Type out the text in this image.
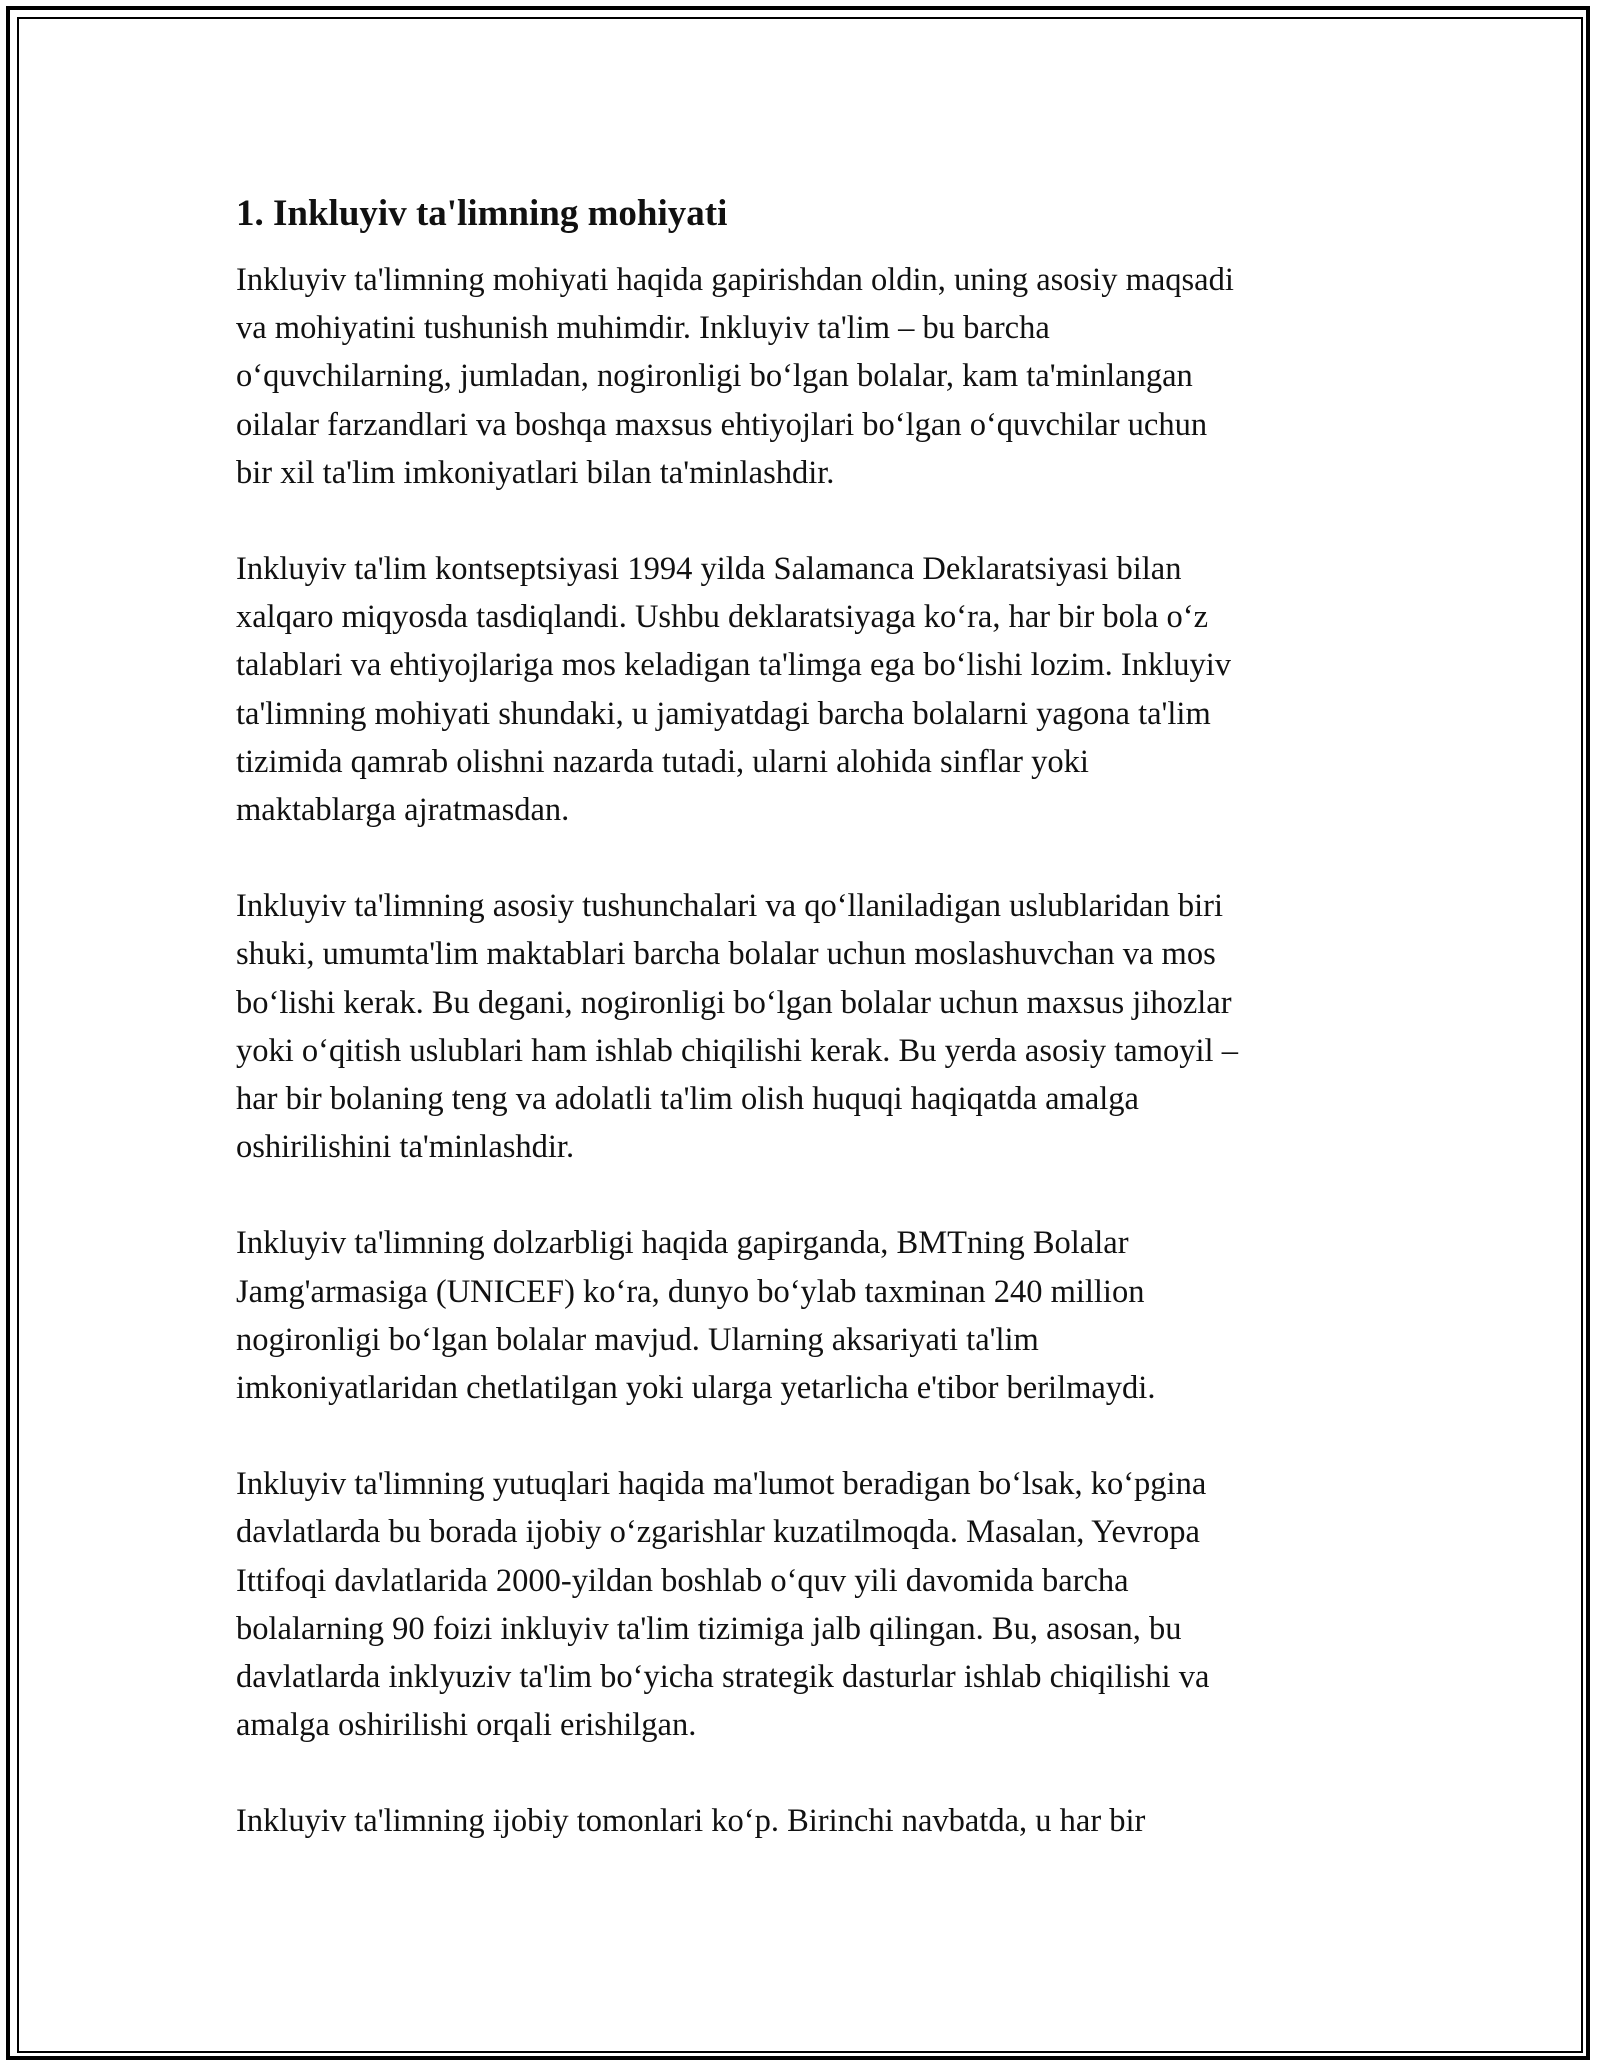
1. Inkluyiv ta'limning mohiyati

Inkluyiv ta'limning mohiyati haqida gapirishdan oldin, uning asosiy maqsadi
va mohiyatini tushunish muhimdir. Inkluyiv ta'lim – bu barcha
o‘quvchilarning, jumladan, nogironligi bo‘lgan bolalar, kam ta'minlangan
oilalar farzandlari va boshqa maxsus ehtiyojlari bo‘lgan o‘quvchilar uchun
bir xil ta'lim imkoniyatlari bilan ta'minlashdir.

Inkluyiv ta'lim kontseptsiyasi 1994 yilda Salamanca Deklaratsiyasi bilan
xalqaro miqyosda tasdiqlandi. Ushbu deklaratsiyaga ko‘ra, har bir bola o‘z
talablari va ehtiyojlariga mos keladigan ta'limga ega bo‘lishi lozim. Inkluyiv
ta'limning mohiyati shundaki, u jamiyatdagi barcha bolalarni yagona ta'lim
tizimida qamrab olishni nazarda tutadi, ularni alohida sinflar yoki
maktablarga ajratmasdan.

Inkluyiv ta'limning asosiy tushunchalari va qo‘llaniladigan uslublaridan biri
shuki, umumta'lim maktablari barcha bolalar uchun moslashuvchan va mos
bo‘lishi kerak. Bu degani, nogironligi bo‘lgan bolalar uchun maxsus jihozlar
yoki o‘qitish uslublari ham ishlab chiqilishi kerak. Bu yerda asosiy tamoyil –
har bir bolaning teng va adolatli ta'lim olish huquqi haqiqatda amalga
oshirilishini ta'minlashdir.

Inkluyiv ta'limning dolzarbligi haqida gapirganda, BMTning Bolalar
Jamg'armasiga (UNICEF) ko‘ra, dunyo bo‘ylab taxminan 240 million
nogironligi bo‘lgan bolalar mavjud. Ularning aksariyati ta'lim
imkoniyatlaridan chetlatilgan yoki ularga yetarlicha e'tibor berilmaydi.

Inkluyiv ta'limning yutuqlari haqida ma'lumot beradigan bo‘lsak, ko‘pgina
davlatlarda bu borada ijobiy o‘zgarishlar kuzatilmoqda. Masalan, Yevropa
Ittifoqi davlatlarida 2000-yildan boshlab o‘quv yili davomida barcha
bolalarning 90 foizi inkluyiv ta'lim tizimiga jalb qilingan. Bu, asosan, bu
davlatlarda inklyuziv ta'lim bo‘yicha strategik dasturlar ishlab chiqilishi va
amalga oshirilishi orqali erishilgan.

Inkluyiv ta'limning ijobiy tomonlari ko‘p. Birinchi navbatda, u har bir
